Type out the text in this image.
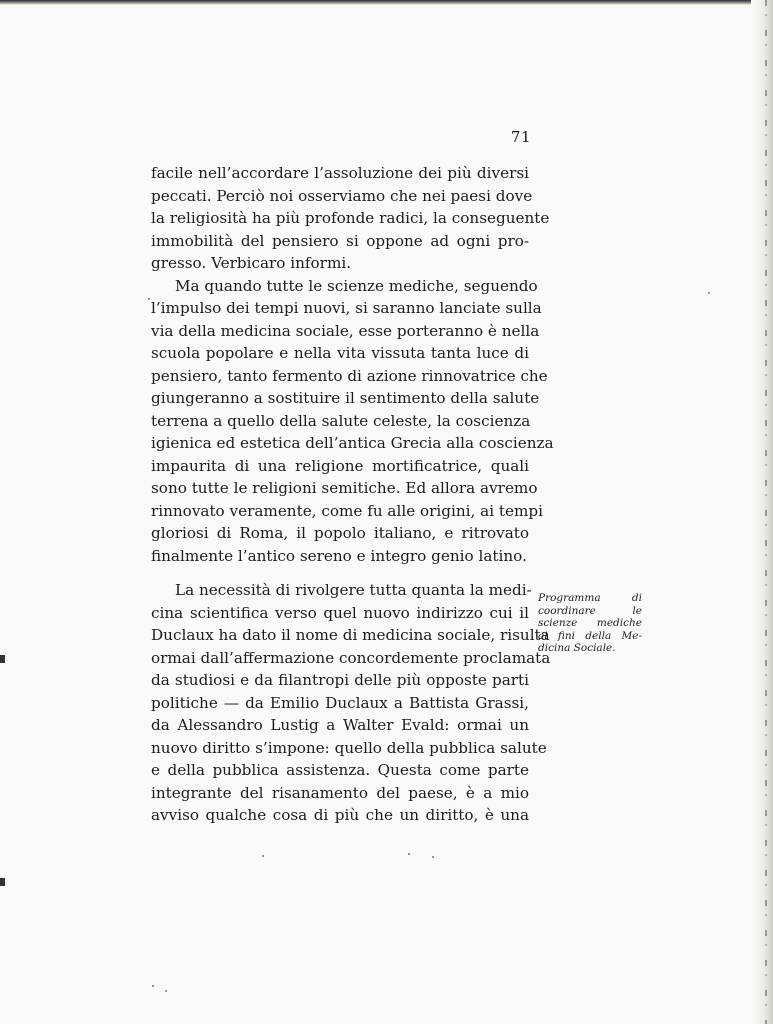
71
facile nell’accordare l’assoluzione dei più diversi
peccati. Perciò noi osserviamo che nei paesi dove
la religiosità ha più profonde radici, la conseguente
immobilità del pensiero si oppone ad ogni pro-
gresso. Verbicaro informi.
Ma quando tutte le scienze mediche, seguendo
l’impulso dei tempi nuovi, si saranno lanciate sulla
via della medicina sociale, esse porteranno è nella
scuola popolare e nella vita vissuta tanta luce di
pensiero, tanto fermento di azione rinnovatrice che
giungeranno a sostituire il sentimento della salute
terrena a quello della salute celeste, la coscienza
igienica ed estetica dell’antica Grecia alla coscienza
impaurita di una religione mortificatrice, quali
sono tutte le religioni semitiche. Ed allora avremo
rinnovato veramente, come fu alle origini, ai tempi
gloriosi di Roma, il popolo italiano, e ritrovato
finalmente l’antico sereno e integro genio latino.
La necessità di rivolgere tutta quanta la medi-
cina scientifica verso quel nuovo indirizzo cui il
Duclaux ha dato il nome di medicina sociale, risulta
ormai dall’affermazione concordemente proclamata
da studiosi e da filantropi delle più opposte parti
politiche — da Emilio Duclaux a Battista Grassi,
da Alessandro Lustig a Walter Evald: ormai un
nuovo diritto s’impone: quello della pubblica salute
e della pubblica assistenza. Questa come parte
integrante del risanamento del paese, è a mio
avviso qualche cosa di più che un diritto, è una
Programma di
coordinare le
scienze mediche
ai fini della Me-
dicina Sociale.
